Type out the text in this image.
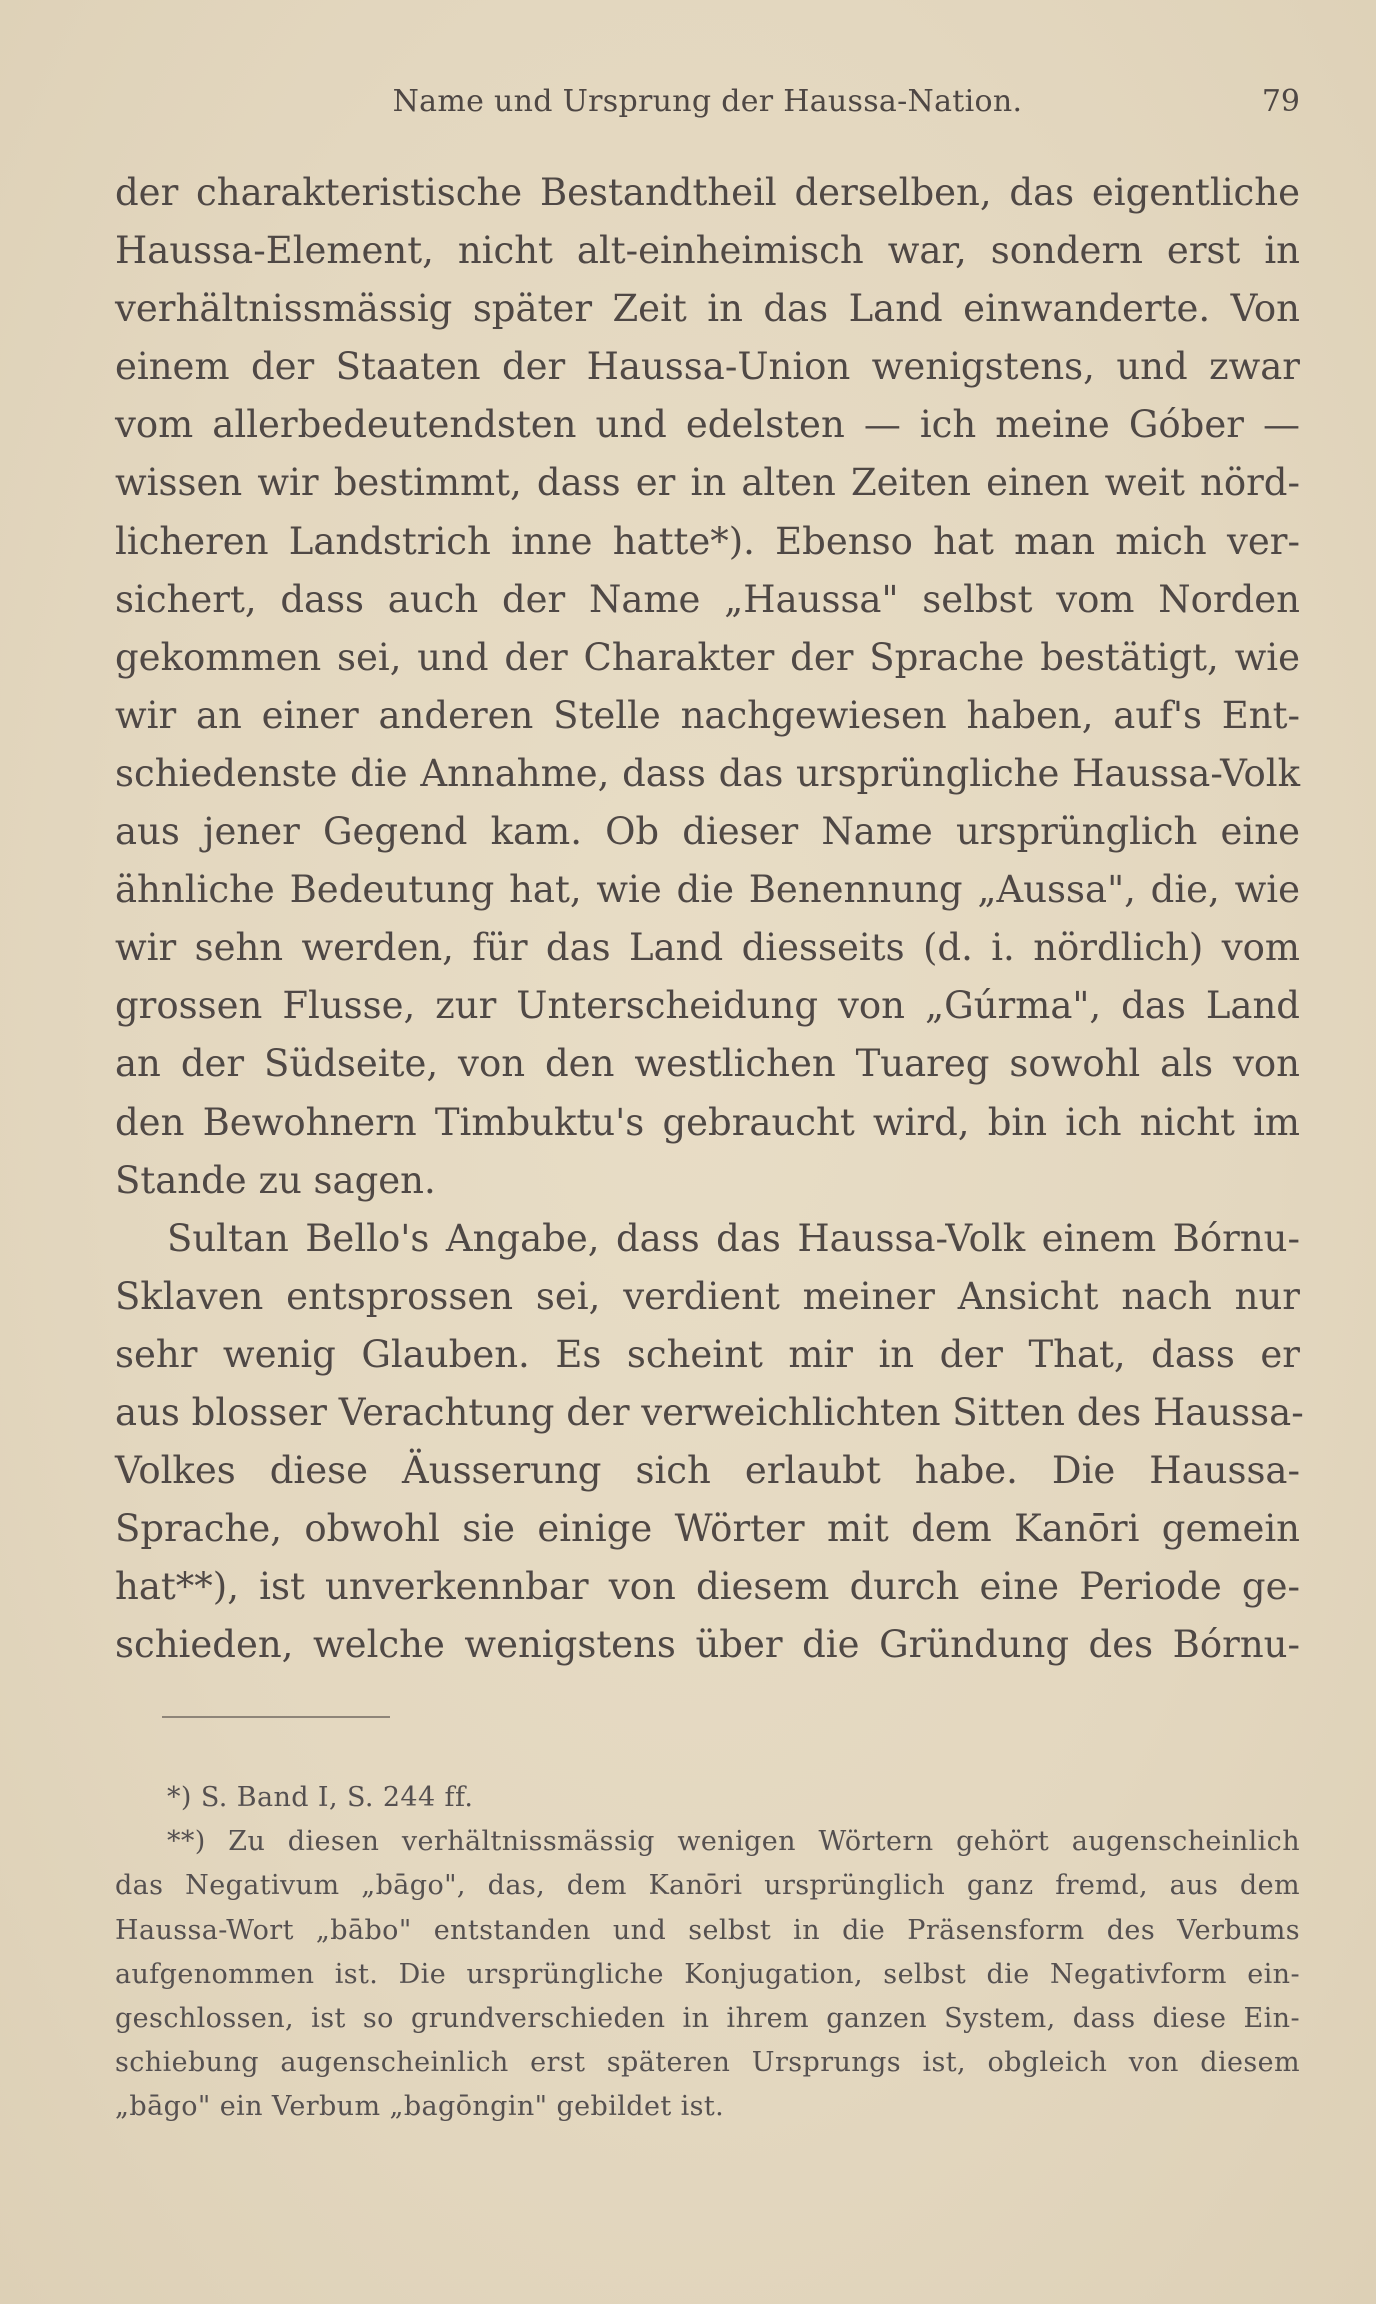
Name und Ursprung der Haussa-Nation.	79
der charakteristische Bestandtheil derselben, das eigentliche
Haussa-Element, nicht alt-einheimisch war, sondern erst in
verhältnissmässig später Zeit in das Land einwanderte. Von
einem der Staaten der Haussa-Union wenigstens, und zwar
vom allerbedeutendsten und edelsten — ich meine Góber —
wissen wir bestimmt, dass er in alten Zeiten einen weit nörd-
licheren Landstrich inne hatte*). Ebenso hat man mich ver-
sichert, dass auch der Name „Haussa" selbst vom Norden
gekommen sei, und der Charakter der Sprache bestätigt, wie
wir an einer anderen Stelle nachgewiesen haben, auf's Ent-
schiedenste die Annahme, dass das ursprüngliche Haussa-Volk
aus jener Gegend kam. Ob dieser Name ursprünglich eine
ähnliche Bedeutung hat, wie die Benennung „Aussa", die, wie
wir sehn werden, für das Land diesseits (d. i. nördlich) vom
grossen Flusse, zur Unterscheidung von „Gúrma", das Land
an der Südseite, von den westlichen Tuareg sowohl als von
den Bewohnern Timbuktu's gebraucht wird, bin ich nicht im
Stande zu sagen.
Sultan Bello's Angabe, dass das Haussa-Volk einem Bórnu-
Sklaven entsprossen sei, verdient meiner Ansicht nach nur
sehr wenig Glauben. Es scheint mir in der That, dass er
aus blosser Verachtung der verweichlichten Sitten des Haussa-
Volkes diese Äusserung sich erlaubt habe. Die Haussa-
Sprache, obwohl sie einige Wörter mit dem Kanōri gemein
hat**), ist unverkennbar von diesem durch eine Periode ge-
schieden, welche wenigstens über die Gründung des Bórnu-
*) S. Band I, S. 244 ff.
**) Zu diesen verhältnissmässig wenigen Wörtern gehört augenscheinlich
das Negativum „bāgo", das, dem Kanōri ursprünglich ganz fremd, aus dem
Haussa-Wort „bābo" entstanden und selbst in die Präsensform des Verbums
aufgenommen ist. Die ursprüngliche Konjugation, selbst die Negativform ein-
geschlossen, ist so grundverschieden in ihrem ganzen System, dass diese Ein-
schiebung augenscheinlich erst späteren Ursprungs ist, obgleich von diesem
„bāgo" ein Verbum „bagōngin" gebildet ist.
